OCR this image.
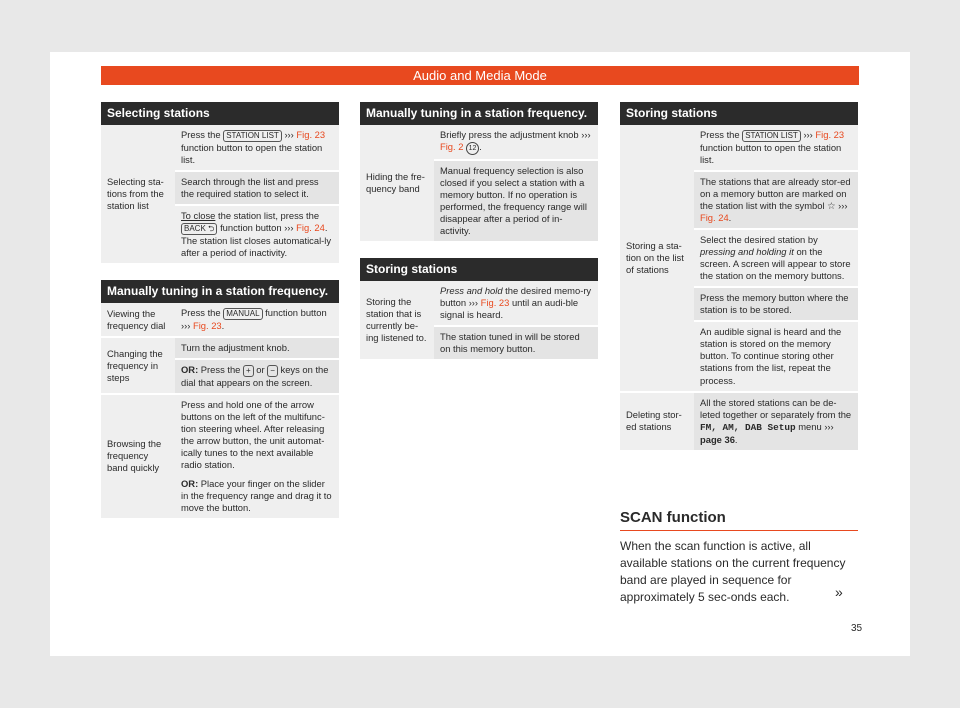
Audio and Media Mode
Selecting stations
Selecting sta-tions from the station list	Press the STATION LIST ››› Fig. 23 function button to open the station list.
Search through the list and press the required station to select it.
To close the station list, press the BACK ⮌ function button ››› Fig. 24. The station list closes automatical-ly after a period of inactivity.
Manually tuning in a station frequency.
Viewing the frequency dial	Press the MANUAL function button ››› Fig. 23.
Changing the frequency in steps	Turn the adjustment knob.
	OR: Press the + or − keys on the dial that appears on the screen.
Browsing the frequency band quickly	Press and hold one of the arrow buttons on the left of the multifunc-tion steering wheel. After releasing the arrow button, the unit automat-ically tunes to the next available radio station.
OR: Place your finger on the slider in the frequency range and drag it to move the button.
Manually tuning in a station frequency.
Hiding the fre-quency band	Briefly press the adjustment knob ››› Fig. 2 12 .
Manual frequency selection is also closed if you select a station with a memory button. If no operation is performed, the frequency range will disappear after a period of in-activity.
Storing stations
Storing the station that is currently be-ing listened to.	Press and hold the desired memo-ry button ››› Fig. 23 until an audi-ble signal is heard.
The station tuned in will be stored on this memory button.
Storing stations
Storing a sta-tion on the list of stations	Press the STATION LIST ››› Fig. 23 function button to open the station list.
	The stations that are already stor-ed on a memory button are marked on the station list with the symbol ☆ ››› Fig. 24.
	Select the desired station by pressing and holding it on the screen. A screen will appear to store the station on the memory buttons.
	Press the memory button where the station is to be stored.
	An audible signal is heard and the station is stored on the memory button. To continue storing other stations from the list, repeat the process.
Deleting stor-ed stations	All the stored stations can be de-leted together or separately from the FM, AM, DAB Setup menu ››› page 36.
SCAN function
When the scan function is active, all available stations on the current frequency band are played in sequence for approximately 5 sec-onds each.	»
35
